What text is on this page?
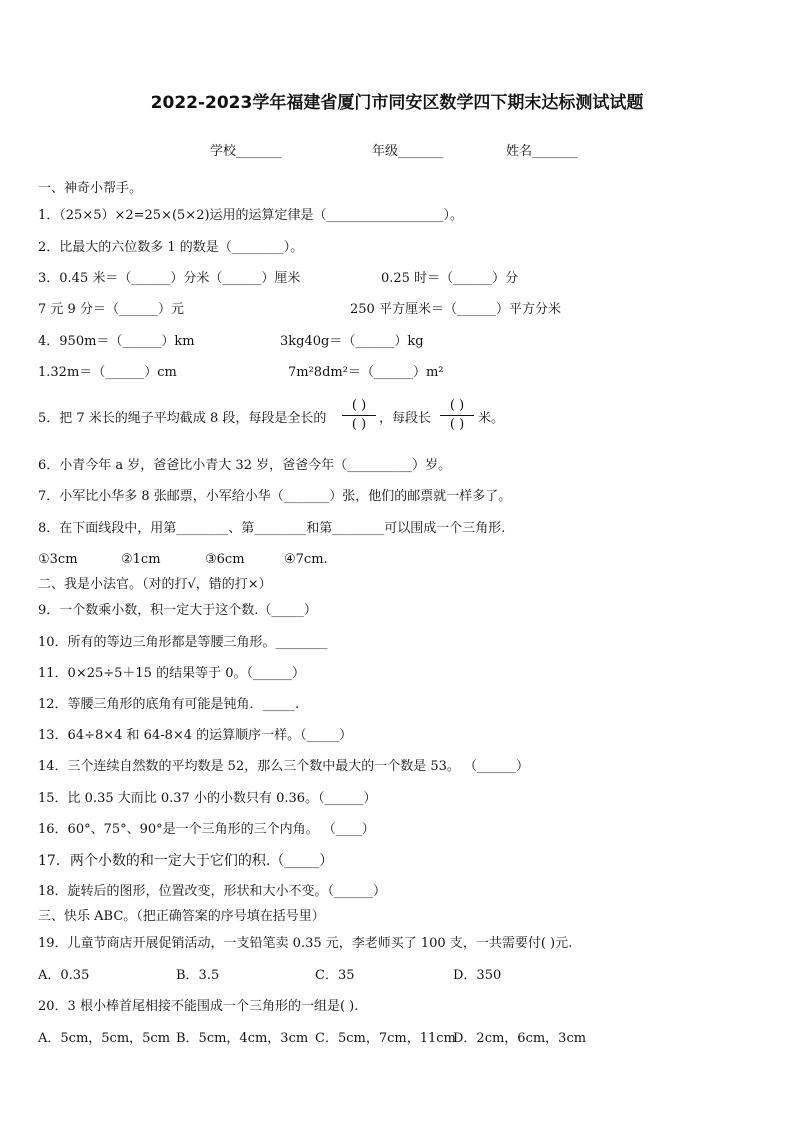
2022-2023学年福建省厦门市同安区数学四下期末达标测试试题
学校_______	年级_______	姓名_______
一、神奇小帮手。
1．（25×5）×2=25×(5×2)运用的运算定律是（__________________）。
2．比最大的六位数多 1 的数是（________）。
3．0.45 米＝（______）分米（______）厘米	0.25 时＝（______）分
7 元 9 分＝（______）元	250 平方厘米＝（______）平方分米
4．950m＝（______）km	3kg40g＝（______）kg
1.32m＝（______）cm	7m²8dm²＝（______）m²
5．把 7 米长的绳子平均截成 8 段，每段是全长的
( )
( ) ，每段长
( )
( )	米。
6．小青今年 a 岁，爸爸比小青大 32 岁，爸爸今年（__________）岁。
7．小军比小华多 8 张邮票，小军给小华（_______）张，他们的邮票就一样多了。
8．在下面线段中，用第________、第________和第________可以围成一个三角形.
①3cm	②1cm	③6cm	④7cm.
二、我是小法官。（对的打√，错的打×）
9．一个数乘小数，积一定大于这个数.（_____）
10．所有的等边三角形都是等腰三角形。________
11．0×25÷5＋15 的结果等于 0。（______）
12．等腰三角形的底角有可能是钝角．_____.
13．64÷8×4 和 64-8×4 的运算顺序一样。（_____）
14．三个连续自然数的平均数是 52，那么三个数中最大的一个数是 53。 （______）
15．比 0.35 大而比 0.37 小的小数只有 0.36。（______）
16．60°、75°、90°是一个三角形的三个内角。 （____）
17．两个小数的和一定大于它们的积.（_____）
18．旋转后的图形，位置改变，形状和大小不变。（______）
三、快乐 ABC。（把正确答案的序号填在括号里）
19．儿童节商店开展促销活动，一支铅笔卖 0.35 元，李老师买了 100 支，一共需要付( )元.
A．0.35	B．3.5	C．35	D．350
20．3 根小棒首尾相接不能围成一个三角形的一组是( ).
A．5cm，5cm，5cm B．5cm，4cm，3cm C．5cm，7cm，11cm
D．2cm，6cm，3cm
